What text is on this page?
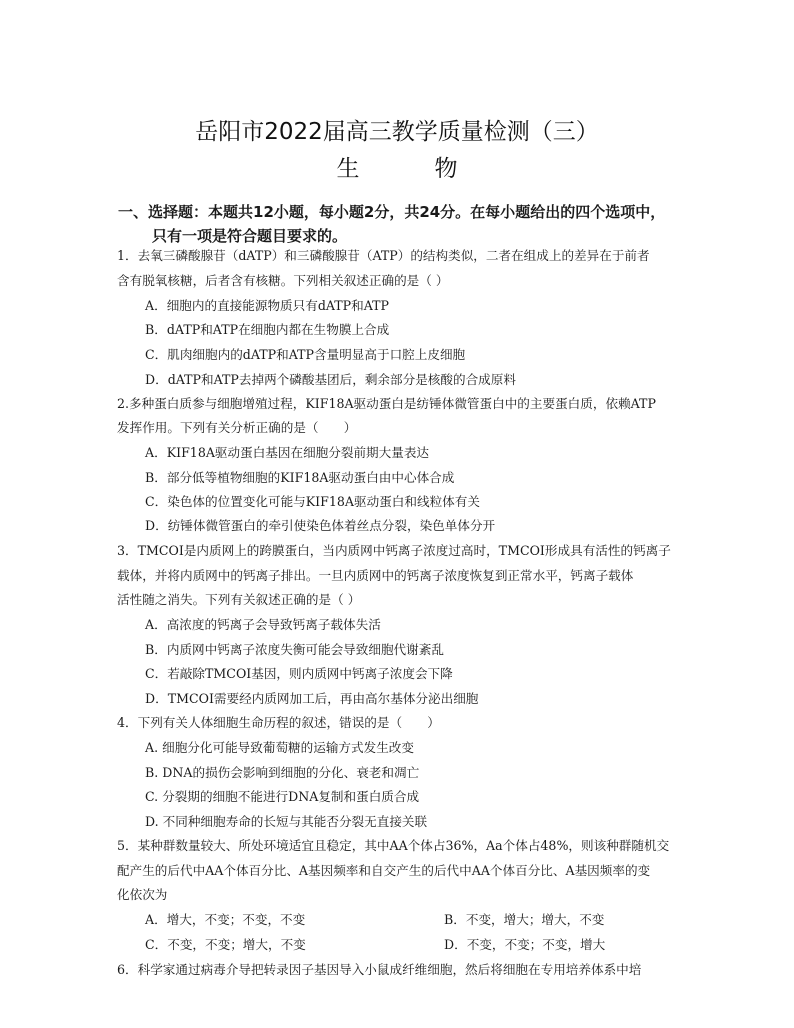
岳阳市2022届高三教学质量检测（三）
生　物
一、选择题：本题共12小题，每小题2分，共24分。在每小题给出的四个选项中，
只有一项是符合题目要求的。
1．去氧三磷酸腺苷（dATP）和三磷酸腺苷（ATP）的结构类似，二者在组成上的差异在于前者
含有脱氧核糖，后者含有核糖。下列相关叙述正确的是（ ）
A．细胞内的直接能源物质只有dATP和ATP
B．dATP和ATP在细胞内都在生物膜上合成
C．肌肉细胞内的dATP和ATP含量明显高于口腔上皮细胞
D．dATP和ATP去掉两个磷酸基团后，剩余部分是核酸的合成原料
2.多种蛋白质参与细胞增殖过程，KIF18A驱动蛋白是纺锤体微管蛋白中的主要蛋白质，依赖ATP
发挥作用。下列有关分析正确的是（　　）
A．KIF18A驱动蛋白基因在细胞分裂前期大量表达
B．部分低等植物细胞的KIF18A驱动蛋白由中心体合成
C．染色体的位置变化可能与KIF18A驱动蛋白和线粒体有关
D．纺锤体微管蛋白的牵引使染色体着丝点分裂，染色单体分开
3．TMCOI是内质网上的跨膜蛋白，当内质网中钙离子浓度过高时，TMCOI形成具有活性的钙离子
载体，并将内质网中的钙离子排出。一旦内质网中的钙离子浓度恢复到正常水平，钙离子载体
活性随之消失。下列有关叙述正确的是（ ）
A．高浓度的钙离子会导致钙离子载体失活
B．内质网中钙离子浓度失衡可能会导致细胞代谢紊乱
C．若敲除TMCOI基因，则内质网中钙离子浓度会下降
D．TMCOI需要经内质网加工后，再由高尔基体分泌出细胞
4．下列有关人体细胞生命历程的叙述，错误的是（　　）
A. 细胞分化可能导致葡萄糖的运输方式发生改变
B. DNA的损伤会影响到细胞的分化、衰老和凋亡
C. 分裂期的细胞不能进行DNA复制和蛋白质合成
D. 不同种细胞寿命的长短与其能否分裂无直接关联
5．某种群数量较大、所处环境适宜且稳定，其中AA个体占36%，Aa个体占48%，则该种群随机交
配产生的后代中AA个体百分比、A基因频率和自交产生的后代中AA个体百分比、A基因频率的变
化依次为
A．增大，不变；不变，不变	B．不变，增大；增大，不变
C．不变，不变；增大，不变	D．不变，不变；不变，增大
6．科学家通过病毒介导把转录因子基因导入小鼠成纤维细胞，然后将细胞在专用培养体系中培
